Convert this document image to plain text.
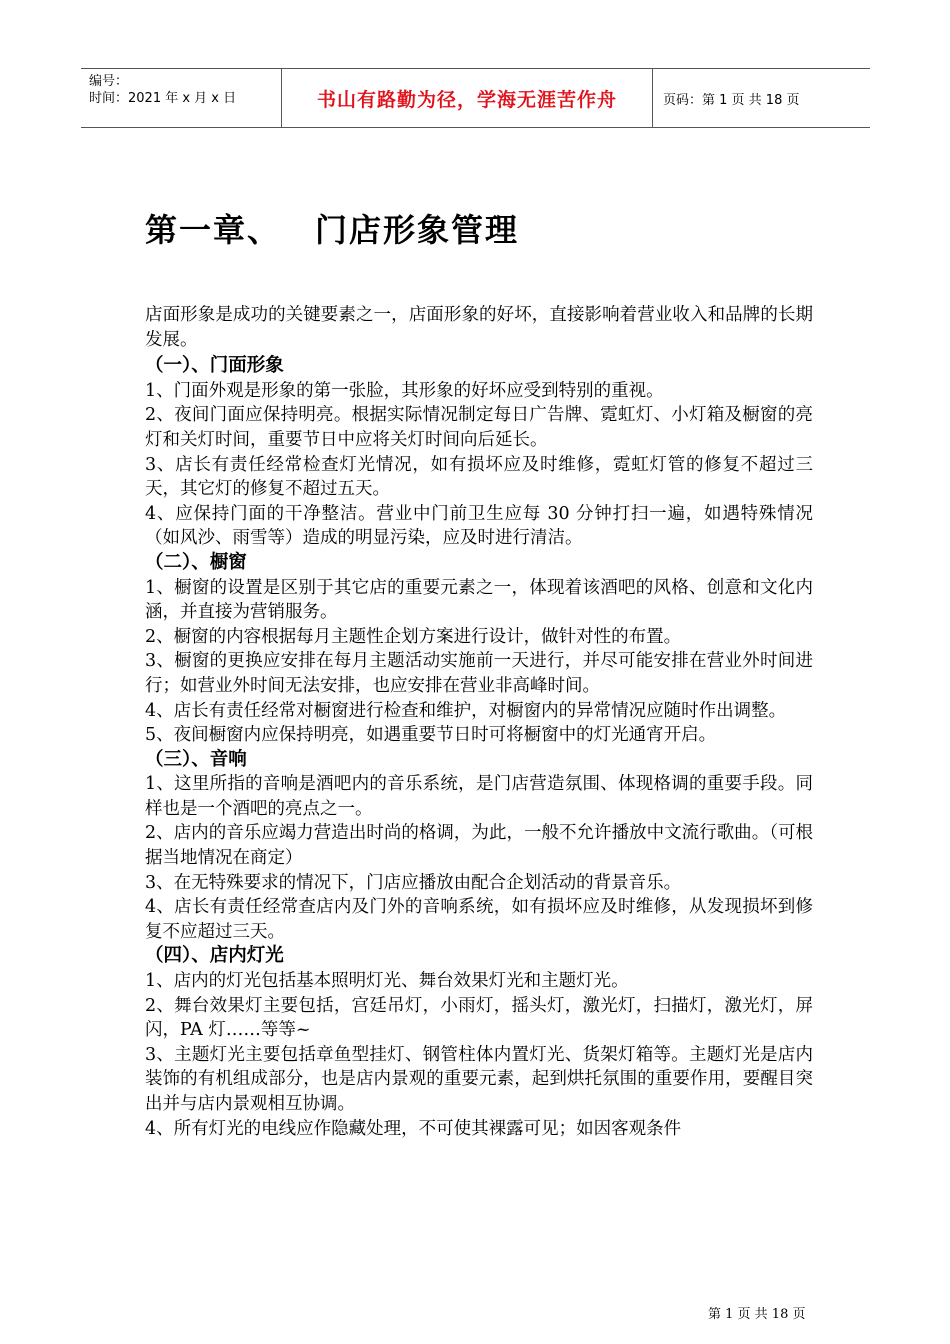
编号：
时间：2021 年 x 月 x 日	书山有路勤为径，学海无涯苦作舟	页码：第 1 页 共 18 页
第一章、 门店形象管理

店面形象是成功的关键要素之一，店面形象的好坏，直接影响着营业收入和品牌的长期发展。

（一）、门面形象

1、门面外观是形象的第一张脸，其形象的好坏应受到特别的重视。

2、夜间门面应保持明亮。根据实际情况制定每日广告牌、霓虹灯、小灯箱及橱窗的亮灯和关灯时间，重要节日中应将关灯时间向后延长。

3、店长有责任经常检查灯光情况，如有损坏应及时维修，霓虹灯管的修复不超过三天，其它灯的修复不超过五天。

4、应保持门面的干净整洁。营业中门前卫生应每 30 分钟打扫一遍，如遇特殊情况（如风沙、雨雪等）造成的明显污染，应及时进行清洁。

（二）、橱窗

1、橱窗的设置是区别于其它店的重要元素之一，体现着该酒吧的风格、创意和文化内涵，并直接为营销服务。

2、橱窗的内容根据每月主题性企划方案进行设计，做针对性的布置。

3、橱窗的更换应安排在每月主题活动实施前一天进行，并尽可能安排在营业外时间进行；如营业外时间无法安排，也应安排在营业非高峰时间。

4、店长有责任经常对橱窗进行检查和维护，对橱窗内的异常情况应随时作出调整。

5、夜间橱窗内应保持明亮，如遇重要节日时可将橱窗中的灯光通宵开启。

（三）、音响

1、这里所指的音响是酒吧内的音乐系统，是门店营造氛围、体现格调的重要手段。同样也是一个酒吧的亮点之一。

2、店内的音乐应竭力营造出时尚的格调，为此，一般不允许播放中文流行歌曲。（可根据当地情况在商定）

3、在无特殊要求的情况下，门店应播放由配合企划活动的背景音乐。

4、店长有责任经常查店内及门外的音响系统，如有损坏应及时维修，从发现损坏到修复不应超过三天。

（四）、店内灯光

1、店内的灯光包括基本照明灯光、舞台效果灯光和主题灯光。

2、舞台效果灯主要包括，宫廷吊灯，小雨灯，摇头灯，激光灯，扫描灯，激光灯，屏闪，PA 灯……等等~

3、主题灯光主要包括章鱼型挂灯、钢管柱体内置灯光、货架灯箱等。主题灯光是店内装饰的有机组成部分，也是店内景观的重要元素，起到烘托氛围的重要作用，要醒目突出并与店内景观相互协调。

4、所有灯光的电线应作隐藏处理，不可使其裸露可见；如因客观条件

第 1 页 共 18 页
